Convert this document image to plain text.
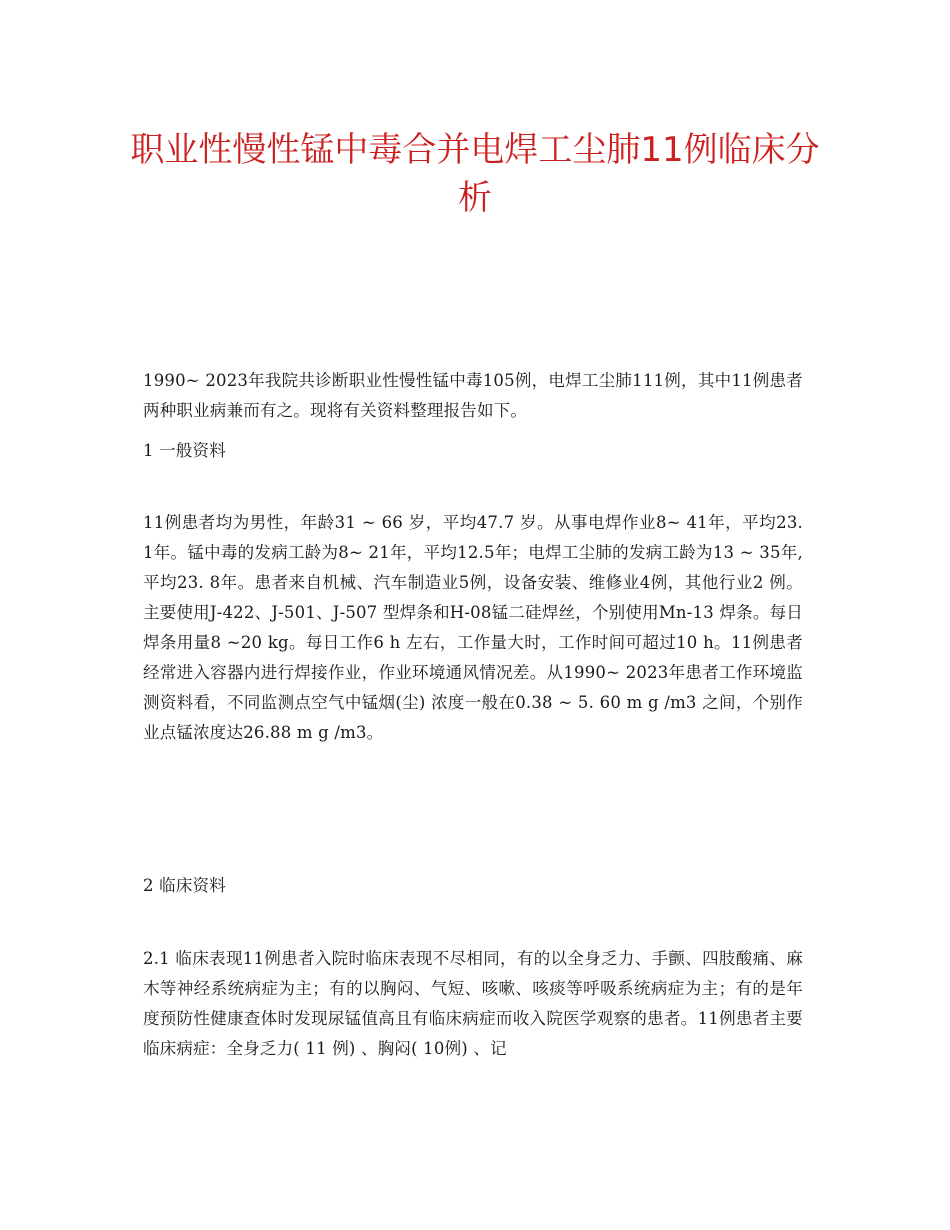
职业性慢性锰中毒合并电焊工尘肺11例临床分析

1990~ 2023年我院共诊断职业性慢性锰中毒105例，电焊工尘肺111例，其中11例患者两种职业病兼而有之。现将有关资料整理报告如下。

1 一般资料

11例患者均为男性，年龄31 ~ 66 岁，平均47.7 岁。从事电焊作业8~ 41年，平均23. 1年。锰中毒的发病工龄为8~ 21年，平均12.5年；电焊工尘肺的发病工龄为13 ~ 35年,平均23. 8年。患者来自机械、汽车制造业5例，设备安装、维修业4例，其他行业2 例。主要使用J-422、J-501、J-507 型焊条和H-08锰二硅焊丝，个别使用Mn-13 焊条。每日焊条用量8 ~20 kg。每日工作6 h 左右，工作量大时，工作时间可超过10 h。11例患者经常进入容器内进行焊接作业，作业环境通风情况差。从1990~ 2023年患者工作环境监测资料看，不同监测点空气中锰烟(尘) 浓度一般在0.38 ~ 5. 60 m g /m3 之间，个别作业点锰浓度达26.88 m g /m3。

2 临床资料

2.1 临床表现11例患者入院时临床表现不尽相同，有的以全身乏力、手颤、四肢酸痛、麻木等神经系统病症为主；有的以胸闷、气短、咳嗽、咳痰等呼吸系统病症为主；有的是年度预防性健康查体时发现尿锰值高且有临床病症而收入院医学观察的患者。11例患者主要临床病症：全身乏力( 11 例) 、胸闷( 10例) 、记
